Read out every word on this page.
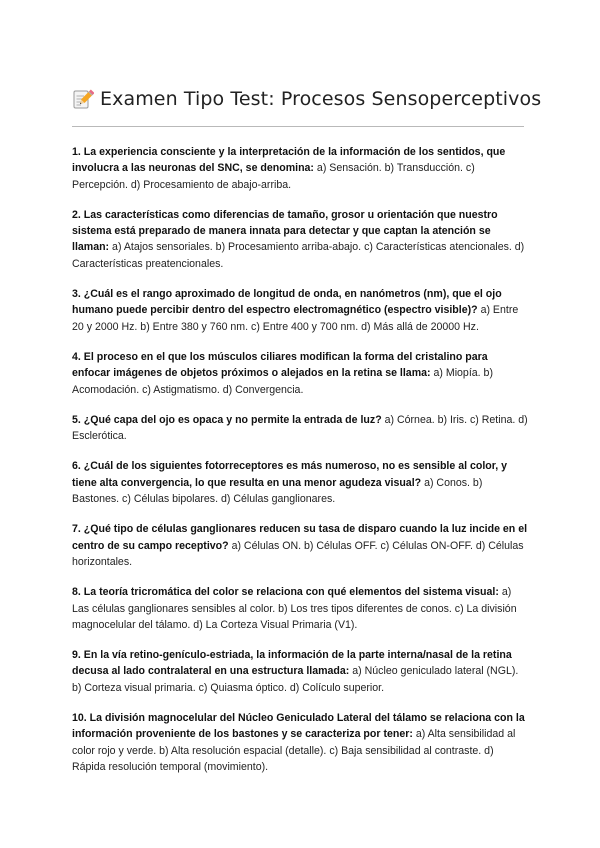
Examen Tipo Test: Procesos Sensoperceptivos

1. La experiencia consciente y la interpretación de la información de los sentidos, que involucra a las neuronas del SNC, se denomina: a) Sensación. b) Transducción. c) Percepción. d) Procesamiento de abajo-arriba.

2. Las características como diferencias de tamaño, grosor u orientación que nuestro sistema está preparado de manera innata para detectar y que captan la atención se llaman: a) Atajos sensoriales. b) Procesamiento arriba-abajo. c) Características atencionales. d) Características preatencionales.

3. ¿Cuál es el rango aproximado de longitud de onda, en nanómetros (nm), que el ojo humano puede percibir dentro del espectro electromagnético (espectro visible)? a) Entre 20 y 2000 Hz. b) Entre 380 y 760 nm. c) Entre 400 y 700 nm. d) Más allá de 20000 Hz.

4. El proceso en el que los músculos ciliares modifican la forma del cristalino para enfocar imágenes de objetos próximos o alejados en la retina se llama: a) Miopía. b) Acomodación. c) Astigmatismo. d) Convergencia.

5. ¿Qué capa del ojo es opaca y no permite la entrada de luz? a) Córnea. b) Iris. c) Retina. d) Esclerótica.

6. ¿Cuál de los siguientes fotorreceptores es más numeroso, no es sensible al color, y tiene alta convergencia, lo que resulta en una menor agudeza visual? a) Conos. b) Bastones. c) Células bipolares. d) Células ganglionares.

7. ¿Qué tipo de células ganglionares reducen su tasa de disparo cuando la luz incide en el centro de su campo receptivo? a) Células ON. b) Células OFF. c) Células ON-OFF. d) Células horizontales.

8. La teoría tricromática del color se relaciona con qué elementos del sistema visual: a) Las células ganglionares sensibles al color. b) Los tres tipos diferentes de conos. c) La división magnocelular del tálamo. d) La Corteza Visual Primaria (V1).

9. En la vía retino-genículo-estriada, la información de la parte interna/nasal de la retina decusa al lado contralateral en una estructura llamada: a) Núcleo geniculado lateral (NGL). b) Corteza visual primaria. c) Quiasma óptico. d) Colículo superior.

10. La división magnocelular del Núcleo Geniculado Lateral del tálamo se relaciona con la información proveniente de los bastones y se caracteriza por tener: a) Alta sensibilidad al color rojo y verde. b) Alta resolución espacial (detalle). c) Baja sensibilidad al contraste. d) Rápida resolución temporal (movimiento).
